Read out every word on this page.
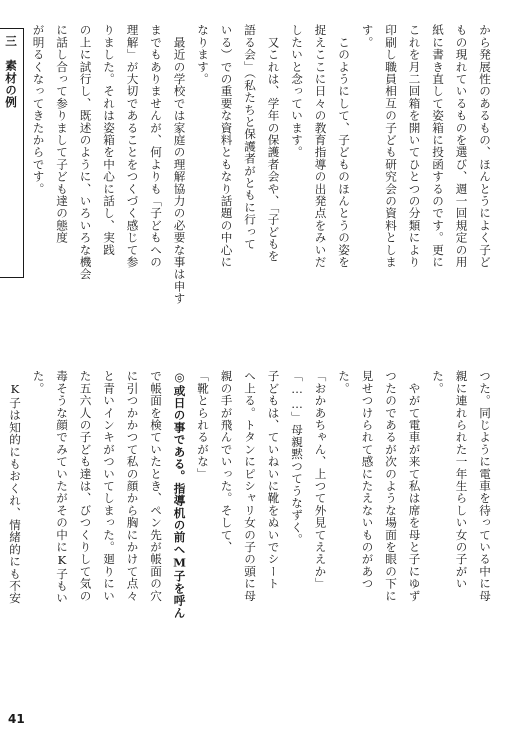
から発展性のあるもの、ほんとうによく子ど
もの現れているものを選び、週一回規定の用
紙に書き直して姿箱に投函するのです。更に
これを月二回箱を開いてひとつの分類により
印刷し職員相互の子ども研究会の資料としま
す。
　このようにして、子どものほんとうの姿を
捉えここに日々の教育指導の出発点をみいだ
したいと念っています。
　又これは、学年の保護者会や、「子どもを
語る会」（私たちと保護者がともに行って
いる）での重要な資料ともなり話題の中心に
なります。
　最近の学校では家庭の理解協力の必要な事は申す
までもありませんが、何よりも「子どもへの
理解」が大切であることをつくづく感じて参
りました。それは姿箱を中心に話し、実践
の上に試行し、既述のように、いろいろな機会
に話し合って参りまして子ども達の態度
が明るくなってきたからです。
三　素材の例
つた。同じように電車を待っている中に母
親に連れられた一年生らしい女の子がい
た。
　やがて電車が来て私は席を母と子にゆず
つたのであるが次のような場面を眼の下に
見せつけられて感にたえないものがあつ
た。
「おかあちゃん、上つて外見てええか」
「……」母親黙つてうなずく。
子どもは、ていねいに靴をぬいでシート
へ上る。トタンにピシャリ女の子の頭に母
親の手が飛んでいった。そして、
「靴とられるがな」
◎或日の事である。指導机の前へM子を呼ん
で帳面を検ていたとき、ペン先が帳面の穴
に引つかかつて私の顔から胸にかけて点々
と青いインキがついてしまった。廻りにい
た五六人の子ども達は、びつくりして気の
毒そうな顔でみていたがその中にK子もい
た。
　K子は知的にもおくれ、情緒的にも不安
41
